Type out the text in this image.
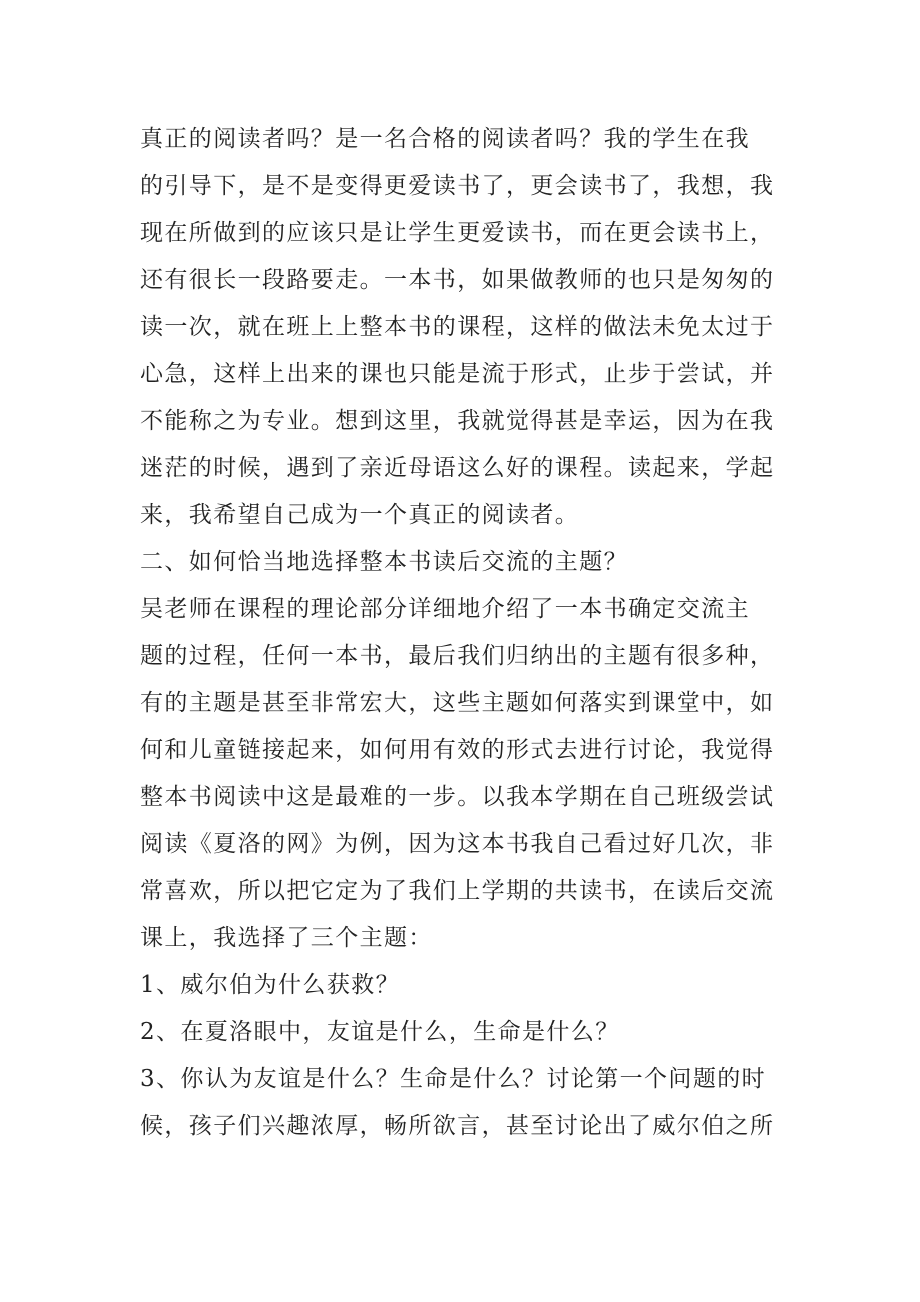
真正的阅读者吗？是一名合格的阅读者吗？我的学生在我
的引导下，是不是变得更爱读书了，更会读书了，我想，我
现在所做到的应该只是让学生更爱读书，而在更会读书上，
还有很长一段路要走。一本书，如果做教师的也只是匆匆的
读一次，就在班上上整本书的课程，这样的做法未免太过于
心急，这样上出来的课也只能是流于形式，止步于尝试，并
不能称之为专业。想到这里，我就觉得甚是幸运，因为在我
迷茫的时候，遇到了亲近母语这么好的课程。读起来，学起
来，我希望自己成为一个真正的阅读者。
二、如何恰当地选择整本书读后交流的主题？
吴老师在课程的理论部分详细地介绍了一本书确定交流主
题的过程，任何一本书，最后我们归纳出的主题有很多种，
有的主题是甚至非常宏大，这些主题如何落实到课堂中，如
何和儿童链接起来，如何用有效的形式去进行讨论，我觉得
整本书阅读中这是最难的一步。以我本学期在自己班级尝试
阅读《夏洛的网》为例，因为这本书我自己看过好几次，非
常喜欢，所以把它定为了我们上学期的共读书，在读后交流
课上，我选择了三个主题：
1、威尔伯为什么获救？
2、在夏洛眼中，友谊是什么，生命是什么？
3、你认为友谊是什么？生命是什么？讨论第一个问题的时
候，孩子们兴趣浓厚，畅所欲言，甚至讨论出了威尔伯之所
